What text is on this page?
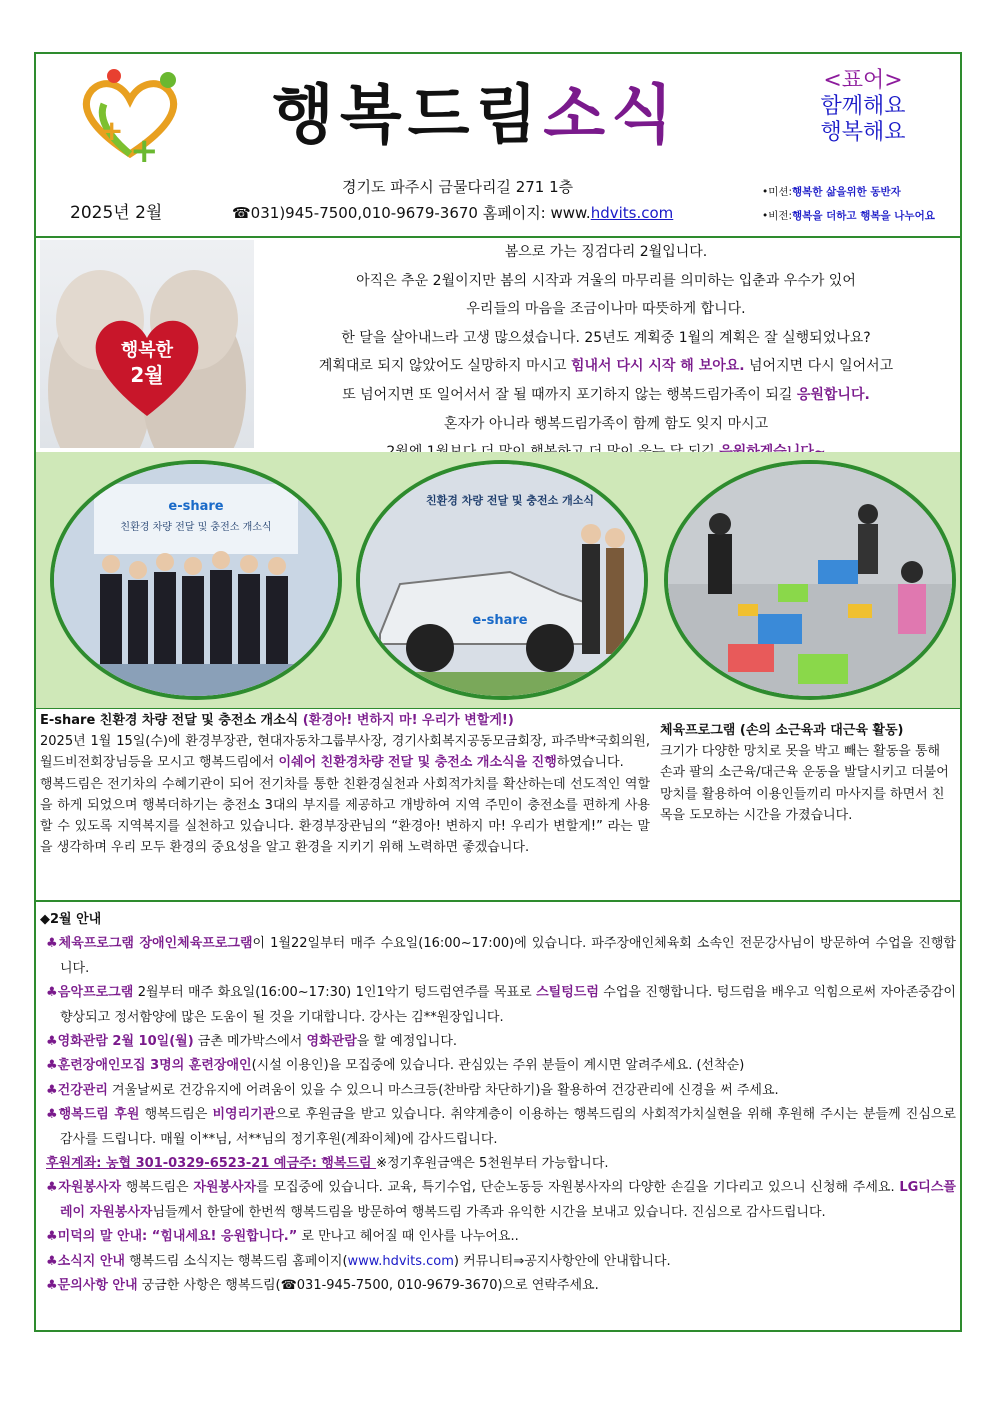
+
+ 행복드림소식	<표어>
함께해요
행복해요
2025년 2월
경기도 파주시 금물다리길 271 1층
☎031)945-7500,010-9679-3670 홈페이지: www.hdvits.com
•미션:행복한 삶을위한 동반자
•비전:행복을 더하고 행복을 나누어요
행복한
2월
봄으로 가는 징검다리 2월입니다.
아직은 추운 2월이지만 봄의 시작과 겨울의 마무리를 의미하는 입춘과 우수가 있어
우리들의 마음을 조금이나마 따뜻하게 합니다.
한 달을 살아내느라 고생 많으셨습니다. 25년도 계획중 1월의 계획은 잘 실행되었나요?
계획대로 되지 않았어도 실망하지 마시고 힘내서 다시 시작 해 보아요. 넘어지면 다시 일어서고
또 넘어지면 또 일어서서 잘 될 때까지 포기하지 않는 행복드림가족이 되길 응원합니다.
혼자가 아니라 행복드림가족이 함께 함도 잊지 마시고
e-share
친환경 차량 전달 및 충전소 개소식
친환경 차량 전달 및 충전소 개소식
e-share
E-share 친환경 차량 전달 및 충전소 개소식 (환경아! 변하지 마! 우리가 변할게!)
2025년 1월 15일(수)에 환경부장관, 현대자동차그룹부사장, 경기사회복지공동모금회장, 파주박*국회의원, 월드비전회장님등을 모시고 행복드림에서 이쉐어 친환경차량 전달 및 충전소 개소식을 진행하였습니다.
행복드림은 전기차의 수혜기관이 되어 전기차를 통한 친환경실천과 사회적가치를 확산하는데 선도적인 역할을 하게 되었으며 행복더하기는 충전소 3대의 부지를 제공하고 개방하여 지역 주민이 충전소를 편하게 사용할 수 있도록 지역복지를 실천하고 있습니다. 환경부장관님의 “환경아! 변하지 마! 우리가 변할게!” 라는 말을 생각하며 우리 모두 환경의 중요성을 알고 환경을 지키기 위해 노력하면 좋겠습니다.
체육프로그램 (손의 소근육과 대근육 활동)
크기가 다양한 망치로 못을 박고 빼는 활동을 통해 손과 팔의 소근육/대근육 운동을 발달시키고 더불어 망치를 활용하여 이용인들끼리 마사지를 하면서 친목을 도모하는 시간을 가졌습니다.
◆2월 안내

♣체육프로그램 장애인체육프로그램이 1월22일부터 매주 수요일(16:00~17:00)에 있습니다. 파주장애인체육회 소속인 전문강사님이 방문하여 수업을 진행합니다.

♣음악프로그램 2월부터 매주 화요일(16:00~17:30) 1인1악기 텅드럼연주를 목표로 스틸텅드럼 수업을 진행합니다. 텅드럼을 배우고 익힘으로써 자아존중감이 향상되고 정서함양에 많은 도움이 될 것을 기대합니다. 강사는 김**원장입니다.

♣영화관람 2월 10일(월) 금촌 메가박스에서 영화관람을 할 예정입니다.

♣훈련장애인모집 3명의 훈련장애인(시설 이용인)을 모집중에 있습니다. 관심있는 주위 분들이 계시면 알려주세요. (선착순)

♣건강관리 겨울날씨로 건강유지에 어려움이 있을 수 있으니 마스크등(찬바람 차단하기)을 활용하여 건강관리에 신경을 써 주세요.

♣행복드림 후원 행복드림은 비영리기관으로 후원금을 받고 있습니다. 취약계층이 이용하는 행복드림의 사회적가치실현을 위해 후원해 주시는 분들께 진심으로 감사를 드립니다. 매월 이**님, 서**님의 정기후원(계좌이체)에 감사드립니다.

후원계좌: 농협 301-0329-6523-21 예금주: 행복드림 ※정기후원금액은 5천원부터 가능합니다.

♣자원봉사자 행복드림은 자원봉사자를 모집중에 있습니다. 교육, 특기수업, 단순노동등 자원봉사자의 다양한 손길을 기다리고 있으니 신청해 주세요. LG디스플레이 자원봉사자님들께서 한달에 한번씩 행복드림을 방문하여 행복드림 가족과 유익한 시간을 보내고 있습니다. 진심으로 감사드립니다.

♣미덕의 말 안내: “힘내세요! 응원합니다.” 로 만나고 헤어질 때 인사를 나누어요..

♣소식지 안내 행복드림 소식지는 행복드림 홈페이지(www.hdvits.com) 커뮤니티⇒공지사항안에 안내합니다.

♣문의사항 안내 궁금한 사항은 행복드림(☎031-945-7500, 010-9679-3670)으로 연락주세요.
